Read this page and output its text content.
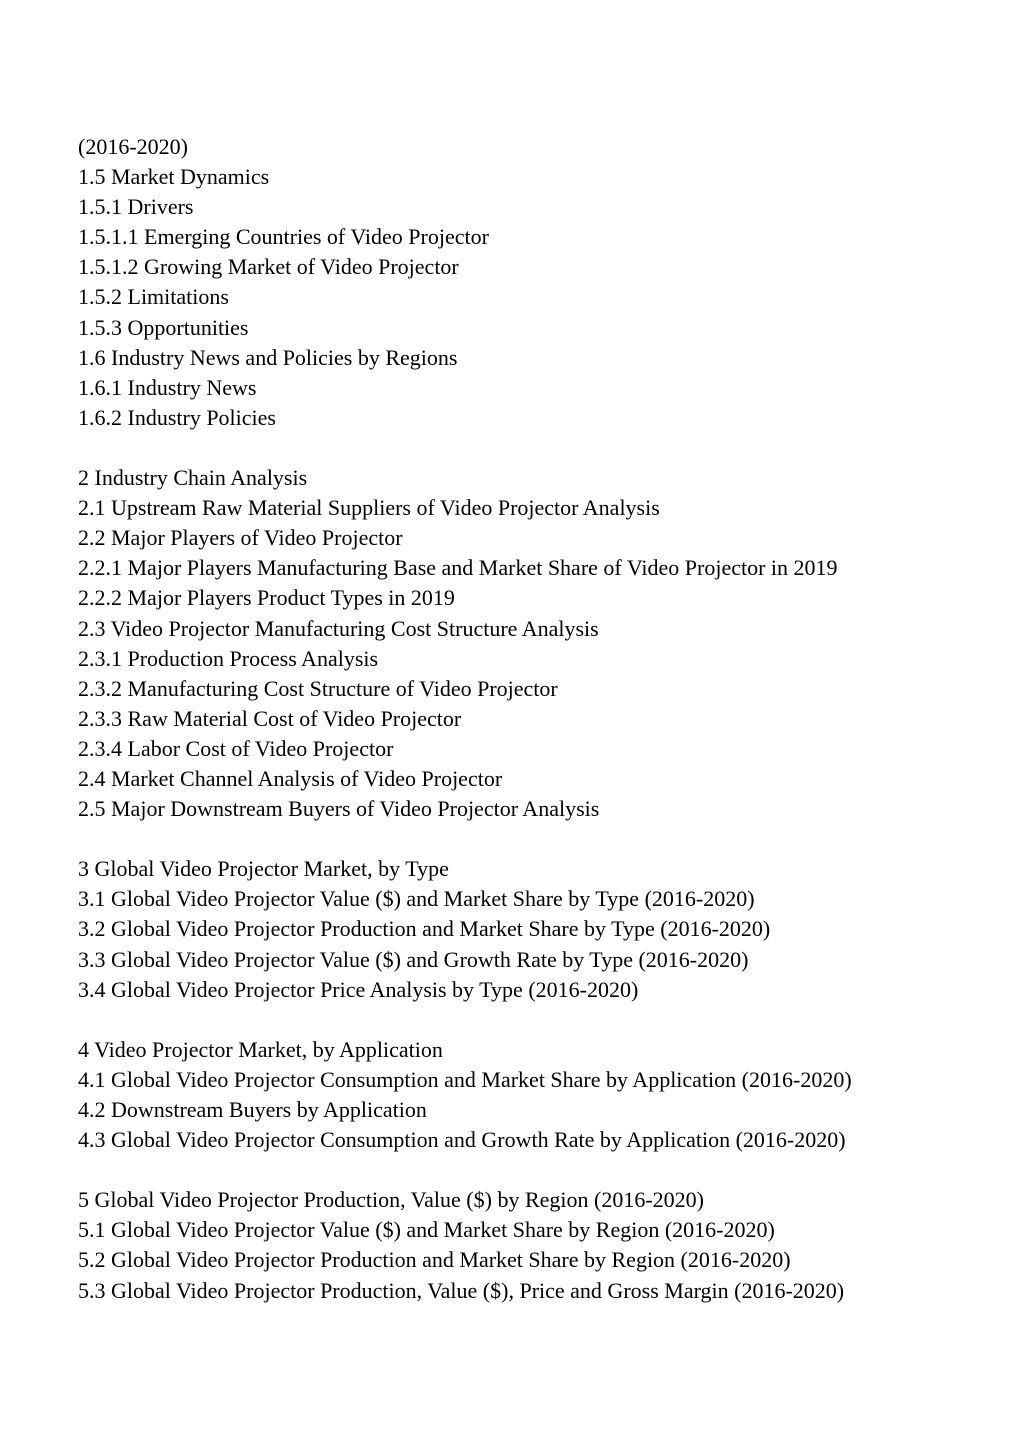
(2016-2020)
1.5 Market Dynamics
1.5.1 Drivers
1.5.1.1 Emerging Countries of Video Projector
1.5.1.2 Growing Market of Video Projector
1.5.2 Limitations
1.5.3 Opportunities
1.6 Industry News and Policies by Regions
1.6.1 Industry News
1.6.2 Industry Policies
2 Industry Chain Analysis
2.1 Upstream Raw Material Suppliers of Video Projector Analysis
2.2 Major Players of Video Projector
2.2.1 Major Players Manufacturing Base and Market Share of Video Projector in 2019
2.2.2 Major Players Product Types in 2019
2.3 Video Projector Manufacturing Cost Structure Analysis
2.3.1 Production Process Analysis
2.3.2 Manufacturing Cost Structure of Video Projector
2.3.3 Raw Material Cost of Video Projector
2.3.4 Labor Cost of Video Projector
2.4 Market Channel Analysis of Video Projector
2.5 Major Downstream Buyers of Video Projector Analysis
3 Global Video Projector Market, by Type
3.1 Global Video Projector Value ($) and Market Share by Type (2016-2020)
3.2 Global Video Projector Production and Market Share by Type (2016-2020)
3.3 Global Video Projector Value ($) and Growth Rate by Type (2016-2020)
3.4 Global Video Projector Price Analysis by Type (2016-2020)
4 Video Projector Market, by Application
4.1 Global Video Projector Consumption and Market Share by Application (2016-2020)
4.2 Downstream Buyers by Application
4.3 Global Video Projector Consumption and Growth Rate by Application (2016-2020)
5 Global Video Projector Production, Value ($) by Region (2016-2020)
5.1 Global Video Projector Value ($) and Market Share by Region (2016-2020)
5.2 Global Video Projector Production and Market Share by Region (2016-2020)
5.3 Global Video Projector Production, Value ($), Price and Gross Margin (2016-2020)
